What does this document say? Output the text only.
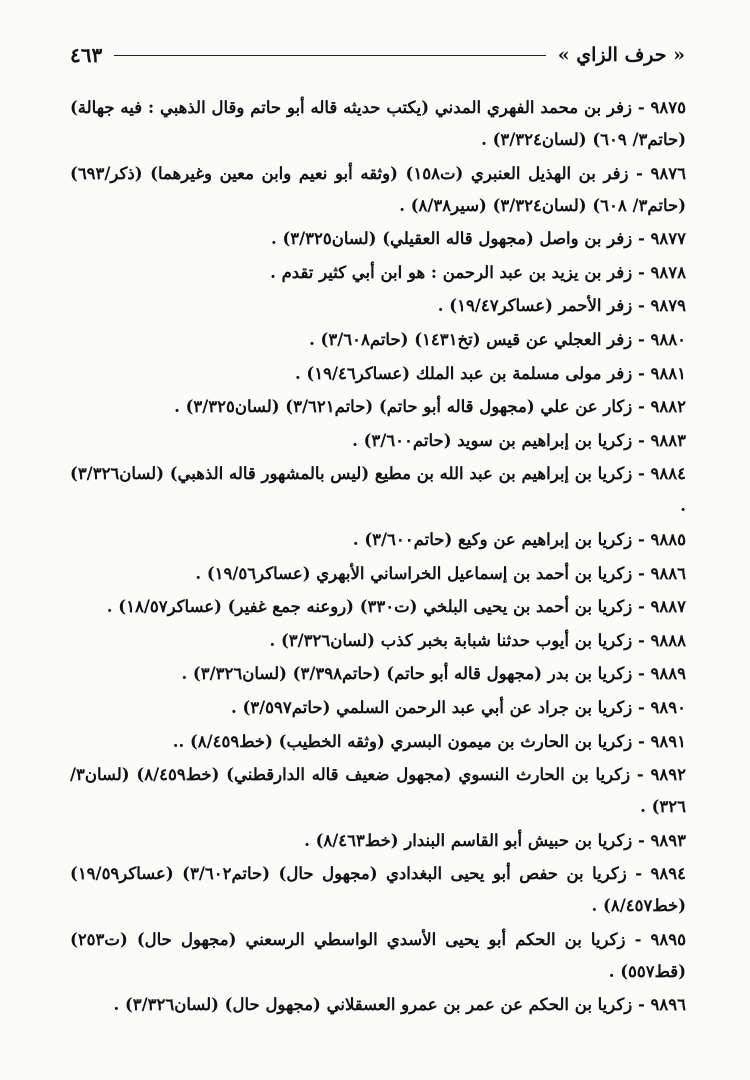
٤٦٣	« حرف الزاي »
٩٨٧٥ - زفر بن محمد الفهري المدني (يكتب حديثه قاله أبو حاتم وقال الذهبي : فيه جهالة) (حاتم٣/ ٦٠٩) (لسان٣/٣٢٤) .
٩٨٧٦ - زفر بن الهذيل العنبري (ت١٥٨) (وثقه أبو نعيم وابن معين وغيرهما) (ذكر/٦٩٣) (حاتم٣/ ٦٠٨) (لسان٣/٣٢٤) (سير٨/٣٨) .
٩٨٧٧ - زفر بن واصل (مجهول قاله العقيلي) (لسان٣/٣٢٥) .
٩٨٧٨ - زفر بن يزيد بن عبد الرحمن : هو ابن أبي كثير تقدم .
٩٨٧٩ - زفر الأحمر (عساكر١٩/٤٧) .
٩٨٨٠ - زفر العجلي عن قيس (تخ١٤٣١) (حاتم٣/٦٠٨) .
٩٨٨١ - زفر مولى مسلمة بن عبد الملك (عساكر١٩/٤٦) .
٩٨٨٢ - زكار عن علي (مجهول قاله أبو حاتم) (حاتم٣/٦٢١) (لسان٣/٣٢٥) .
٩٨٨٣ - زكريا بن إبراهيم بن سويد (حاتم٣/٦٠٠) .
٩٨٨٤ - زكريا بن إبراهيم بن عبد الله بن مطيع (ليس بالمشهور قاله الذهبي) (لسان٣/٣٢٦) .
٩٨٨٥ - زكريا بن إبراهيم عن وكيع (حاتم٣/٦٠٠) .
٩٨٨٦ - زكريا بن أحمد بن إسماعيل الخراساني الأبهري (عساكر١٩/٥٦) .
٩٨٨٧ - زكريا بن أحمد بن يحيى البلخي (ت٣٣٠) (روعنه جمع غفير) (عساكر١٨/٥٧) .
٩٨٨٨ - زكريا بن أيوب حدثنا شبابة بخبر كذب (لسان٣/٣٢٦) .
٩٨٨٩ - زكريا بن بدر (مجهول قاله أبو حاتم) (حاتم٣/٣٩٨) (لسان٣/٣٢٦) .
٩٨٩٠ - زكريا بن جراد عن أبي عبد الرحمن السلمي (حاتم٣/٥٩٧) .
٩٨٩١ - زكريا بن الحارث بن ميمون البسري (وثقه الخطيب) (خط٨/٤٥٩) ..
٩٨٩٢ - زكريا بن الحارث النسوي (مجهول ضعيف قاله الدارقطني) (خط٨/٤٥٩) (لسان٣/ ٣٢٦) .
٩٨٩٣ - زكريا بن حبيش أبو القاسم البندار (خط٨/٤٦٣) .
٩٨٩٤ - زكريا بن حفص أبو يحيى البغدادي (مجهول حال) (حاتم٣/٦٠٢) (عساكر١٩/٥٩) (خط٨/٤٥٧) .
٩٨٩٥ - زكريا بن الحكم أبو يحيى الأسدي الواسطي الرسعني (مجهول حال) (ت٢٥٣) (قط٥٥٧) .
٩٨٩٦ - زكريا بن الحكم عن عمر بن عمرو العسقلاني (مجهول حال) (لسان٣/٣٢٦) .
